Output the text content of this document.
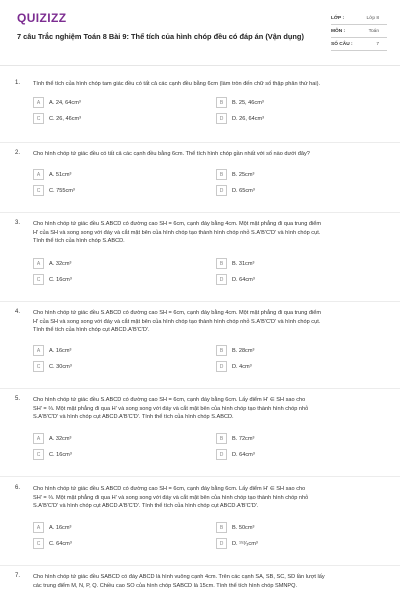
QUIZIZZ
7 câu Trắc nghiệm Toán 8 Bài 9: Thể tích của hình chóp đều có đáp án (Vận dụng)
LỚP :	Lớp 8
MÔN :	Toán
SỐ CÂU :	7
1. Tính thể tích của hình chóp tam giác đều có tất cả các cạnh đều bằng 6cm (làm tròn đến chữ số thập phân thứ hai).
A	A. 24, 64cm³	B	B. 25, 46cm³
C	C. 26, 46cm³	D	D. 26, 64cm³
2. Cho hình chóp tứ giác đều có tất cả các cạnh đều bằng 6cm. Thể tích hình chóp gần nhất với số nào dưới đây?
A	A. 51cm³	B	B. 25cm³
C	C. 755cm³	D	D. 65cm³
3. Cho hình chóp tứ giác đều S.ABCD có đường cao SH = 6cm, cạnh đáy bằng 4cm. Một mặt phẳng đi qua trung điểm
H' của SH và song song với đáy và cắt mặt bên của hình chóp tạo thành hình chóp nhỏ S.A'B'C'D' và hình chóp cụt.
Tính thể tích của hình chóp S.ABCD.
A	A. 32cm³	B	B. 31cm³
C	C. 16cm³	D	D. 64cm³
4. Cho hình chóp tứ giác đều S.ABCD có đường cao SH = 6cm, cạnh đáy bằng 4cm. Một mặt phẳng đi qua trung điểm
H' của SH và song song với đáy và cắt mặt bên của hình chóp tạo thành hình chóp nhỏ S.A'B'C'D' và hình chóp cụt.
Tính thể tích của hình chóp cụt ABCD.A'B'C'D'.
A	A. 16cm³	B	B. 28cm³
C	C. 30cm³	D	D. 4cm³
5. Cho hình chóp tứ giác đều S.ABCD có đường cao SH = 6cm, cạnh đáy bằng 6cm. Lấy điểm H' ∈ SH sao cho
SH' = ⅔. Một mặt phẳng đi qua H' và song song với đáy và cắt mặt bên của hình chóp tạo thành hình chóp nhỏ
S.A'B'C'D' và hình chóp cụt ABCD.A'B'C'D'. Tính thể tích của hình chóp S.ABCD.
A	A. 32cm³	B	B. 72cm³
C	C. 16cm³	D	D. 64cm³
6. Cho hình chóp tứ giác đều S.ABCD có đường cao SH = 6cm, cạnh đáy bằng 6cm. Lấy điểm H' ∈ SH sao cho
SH' = ⅔. Một mặt phẳng đi qua H' và song song với đáy và cắt mặt bên của hình chóp tạo thành hình chóp nhỏ
S.A'B'C'D' và hình chóp cụt ABCD.A'B'C'D'. Tính thể tích của hình chóp cụt ABCD.A'B'C'D'.
A	A. 16cm³	B	B. 50cm³
C	C. 64cm³	D	D. ¹⁵²⁄₃cm³
7. Cho hình chóp tứ giác đều SABCD có đáy ABCD là hình vuông cạnh 4cm. Trên các cạnh SA, SB, SC, SD lần lượt lấy
các trung điểm M, N, P, Q. Chiều cao SO của hình chóp SABCD là 15cm. Tính thể tích hình chóp SMNPQ.
